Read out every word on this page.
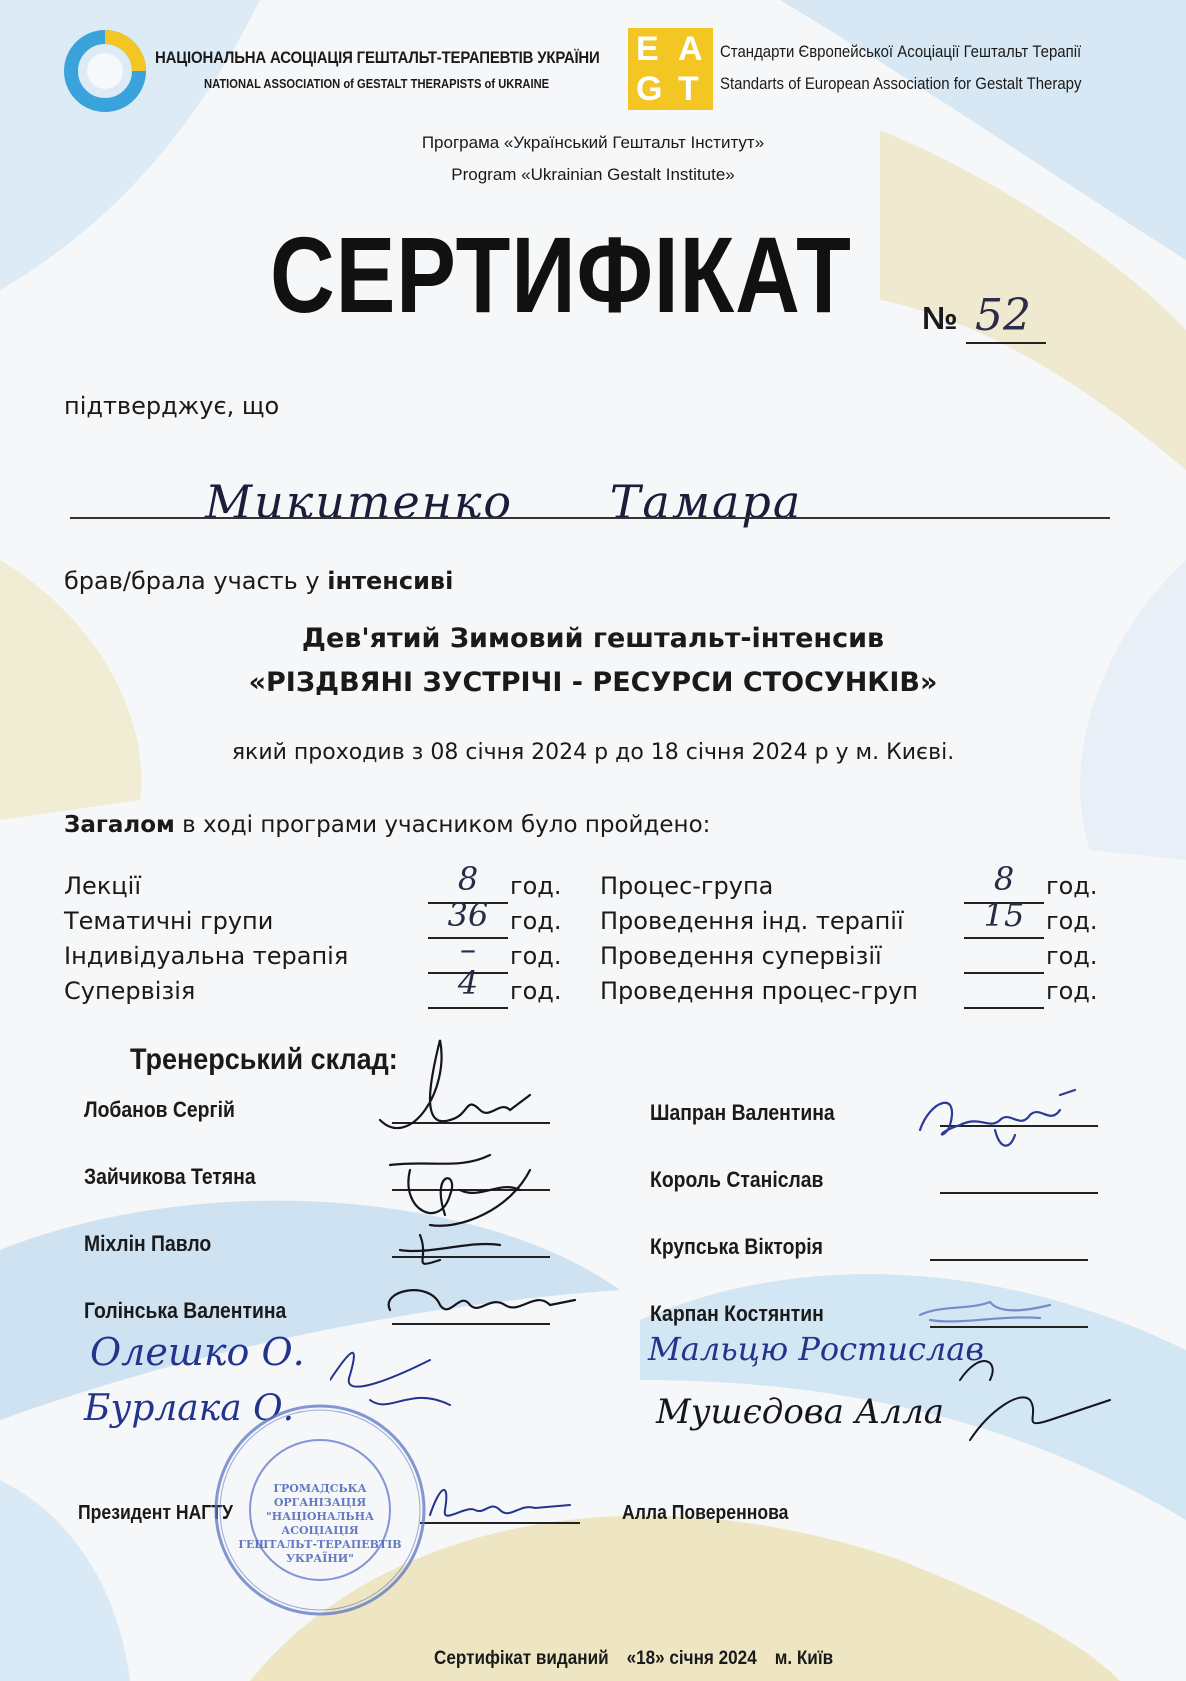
НАЦІОНАЛЬНА АСОЦІАЦІЯ ГЕШТАЛЬТ-ТЕРАПЕВТІВ УКРАЇНИ
NATIONAL ASSOCIATION of GESTALT THERAPISTS of UKRAINE
E A
G T
Стандарти Європейської Асоціації Гештальт Терапії
Standarts of European Association for Gestalt Therapy
Програма «Український Гештальт Інститут»
Program «Ukrainian Gestalt Institute»
СЕРТИФІКАТ № 52
підтверджує, що
Микитенко Тамара
брав/брала участь у інтенсиві
Дев'ятий Зимовий гештальт-інтенсив
«РІЗДВЯНІ ЗУСТРІЧІ - РЕСУРСИ СТОСУНКІВ»
який проходив з 08 січня 2024 р до 18 січня 2024 р у м. Києві.
Загалом в ході програми учасником було пройдено:
Лекції
Тематичні групи
Індивідуальна терапія
Супервізія
8
36
–
4
год.
год.
год.
год.
Процес-група
Проведення інд. терапії
Проведення супервізії
Проведення процес-груп
8
15
год.
год.
год.
год.
Тренерський склад:
Лобанов Сергій
Зайчикова Тетяна
Міхлін Павло
Голінська Валентина
Шапран Валентина
Король Станіслав
Крупська Вікторія
Карпан Костянтин
Олешко О.
Бурлака О.
Мальцю Ростислав
Мушєдова Алла
ГРОМАДСЬКА
ОРГАНІЗАЦІЯ
"НАЦІОНАЛЬНА
АСОЦІАЦІЯ
ГЕШТАЛЬТ-ТЕРАПЕВТІВ
УКРАЇНИ"
Президент НАГТУ	Алла Повереннова
Сертифікат виданий «18» січня 2024 м. Київ
